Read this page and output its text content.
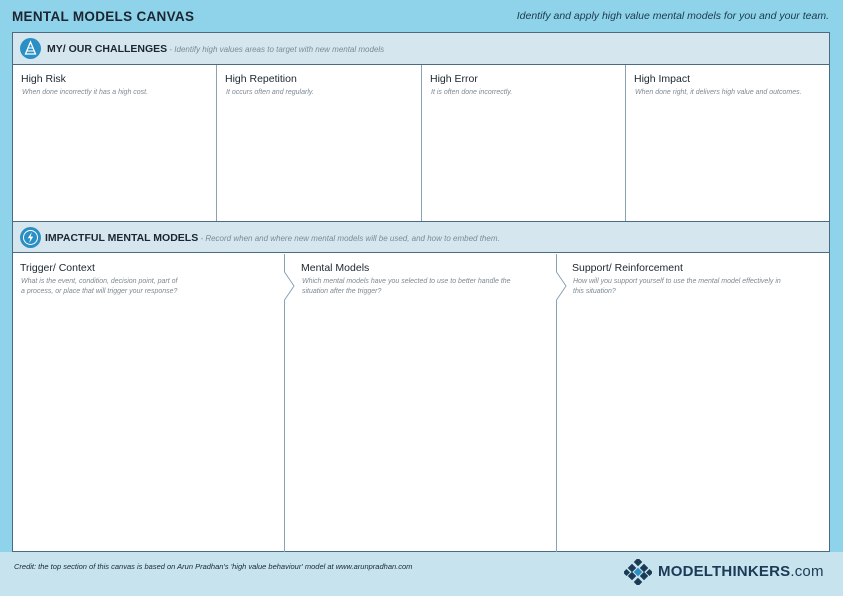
MENTAL MODELS CANVAS	Identify and apply high value mental models for you and your team.
MY/ OUR CHALLENGES - Identify high values areas to target with new mental models
High Risk
When done incorrectly it has a high cost.
High Repetition
It occurs often and regularly.
High Error
It is often done incorrectly.
High Impact
When done right, it delivers high value and outcomes.
IMPACTFUL MENTAL MODELS - Record when and where new mental models will be used, and how to embed them.
Trigger/ Context
What is the event, condition, decision point, part of
a process, or place that will trigger your response?
Mental Models
Which mental models have you selected to use to better handle the
situation after the trigger?
Support/ Reinforcement
How will you support yourself to use the mental model effectively in
this situation?
Credit: the top section of this canvas is based on Arun Pradhan's 'high value behaviour' model at www.arunpradhan.com	MODELTHINKERS.com
